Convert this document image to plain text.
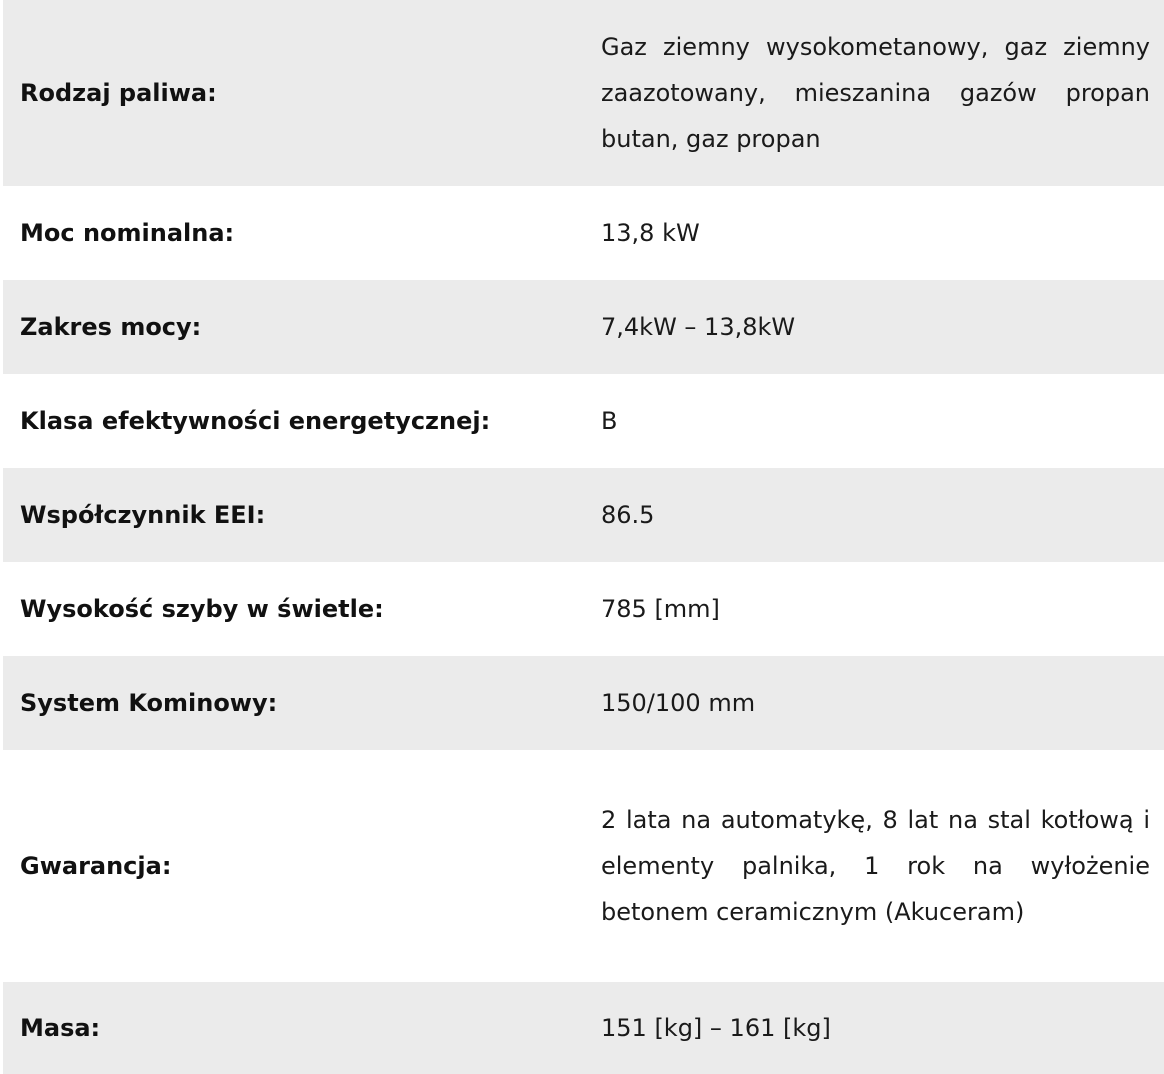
Rodzaj paliwa:	Gaz ziemny wysokometanowy, gaz ziemny zaazotowany, mieszanina gazów propan butan, gaz propan

Moc nominalna:	13,8 kW
Zakres mocy:	7,4kW – 13,8kW
Klasa efektywności energetycznej:	B
Współczynnik EEI:	86.5
Wysokość szyby w świetle:	785 [mm]
System Kominowy:	150/100 mm
Gwarancja:	2 lata na automatykę, 8 lat na stal kotłową i elementy palnika, 1 rok na wyłożenie betonem ceramicznym (Akuceram)

Masa:	151 [kg] – 161 [kg]
